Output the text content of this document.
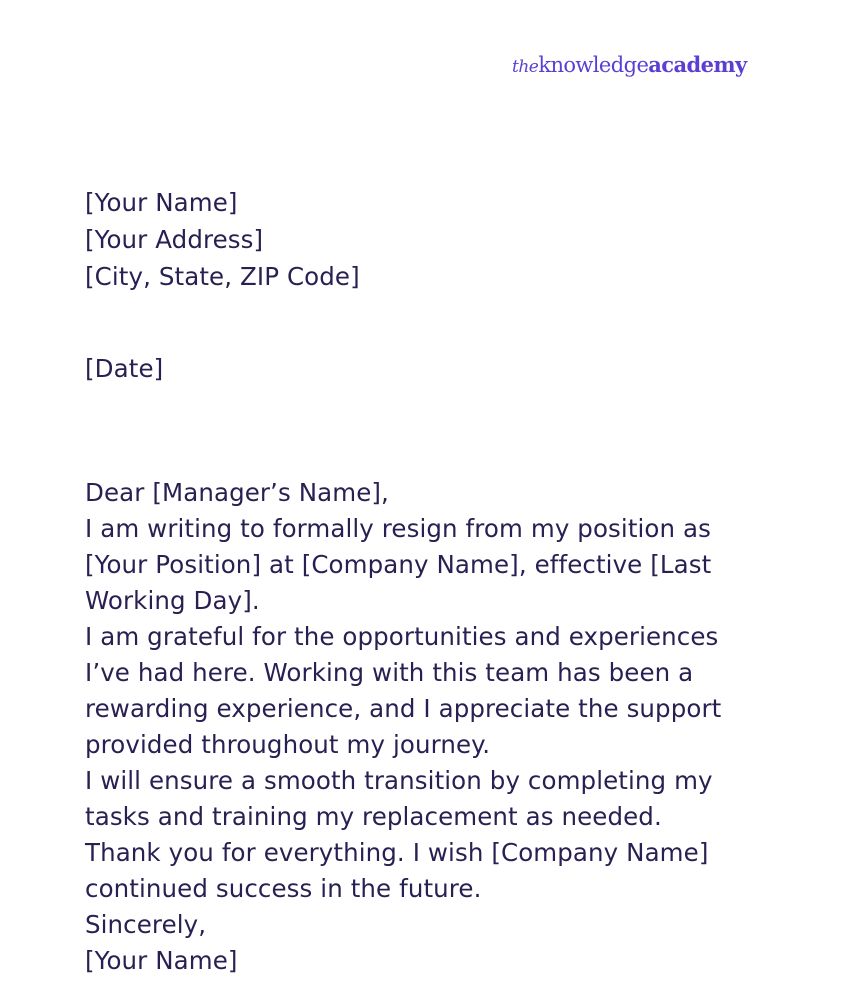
theknowledgeacademy
[Your Name]
[Your Address]
[City, State, ZIP Code]
[Date]
Dear [Manager’s Name],
I am writing to formally resign from my position as
[Your Position] at [Company Name], effective [Last
Working Day].
I am grateful for the opportunities and experiences
I’ve had here. Working with this team has been a
rewarding experience, and I appreciate the support
provided throughout my journey.
I will ensure a smooth transition by completing my
tasks and training my replacement as needed.
Thank you for everything. I wish [Company Name]
continued success in the future.
Sincerely,
[Your Name]
